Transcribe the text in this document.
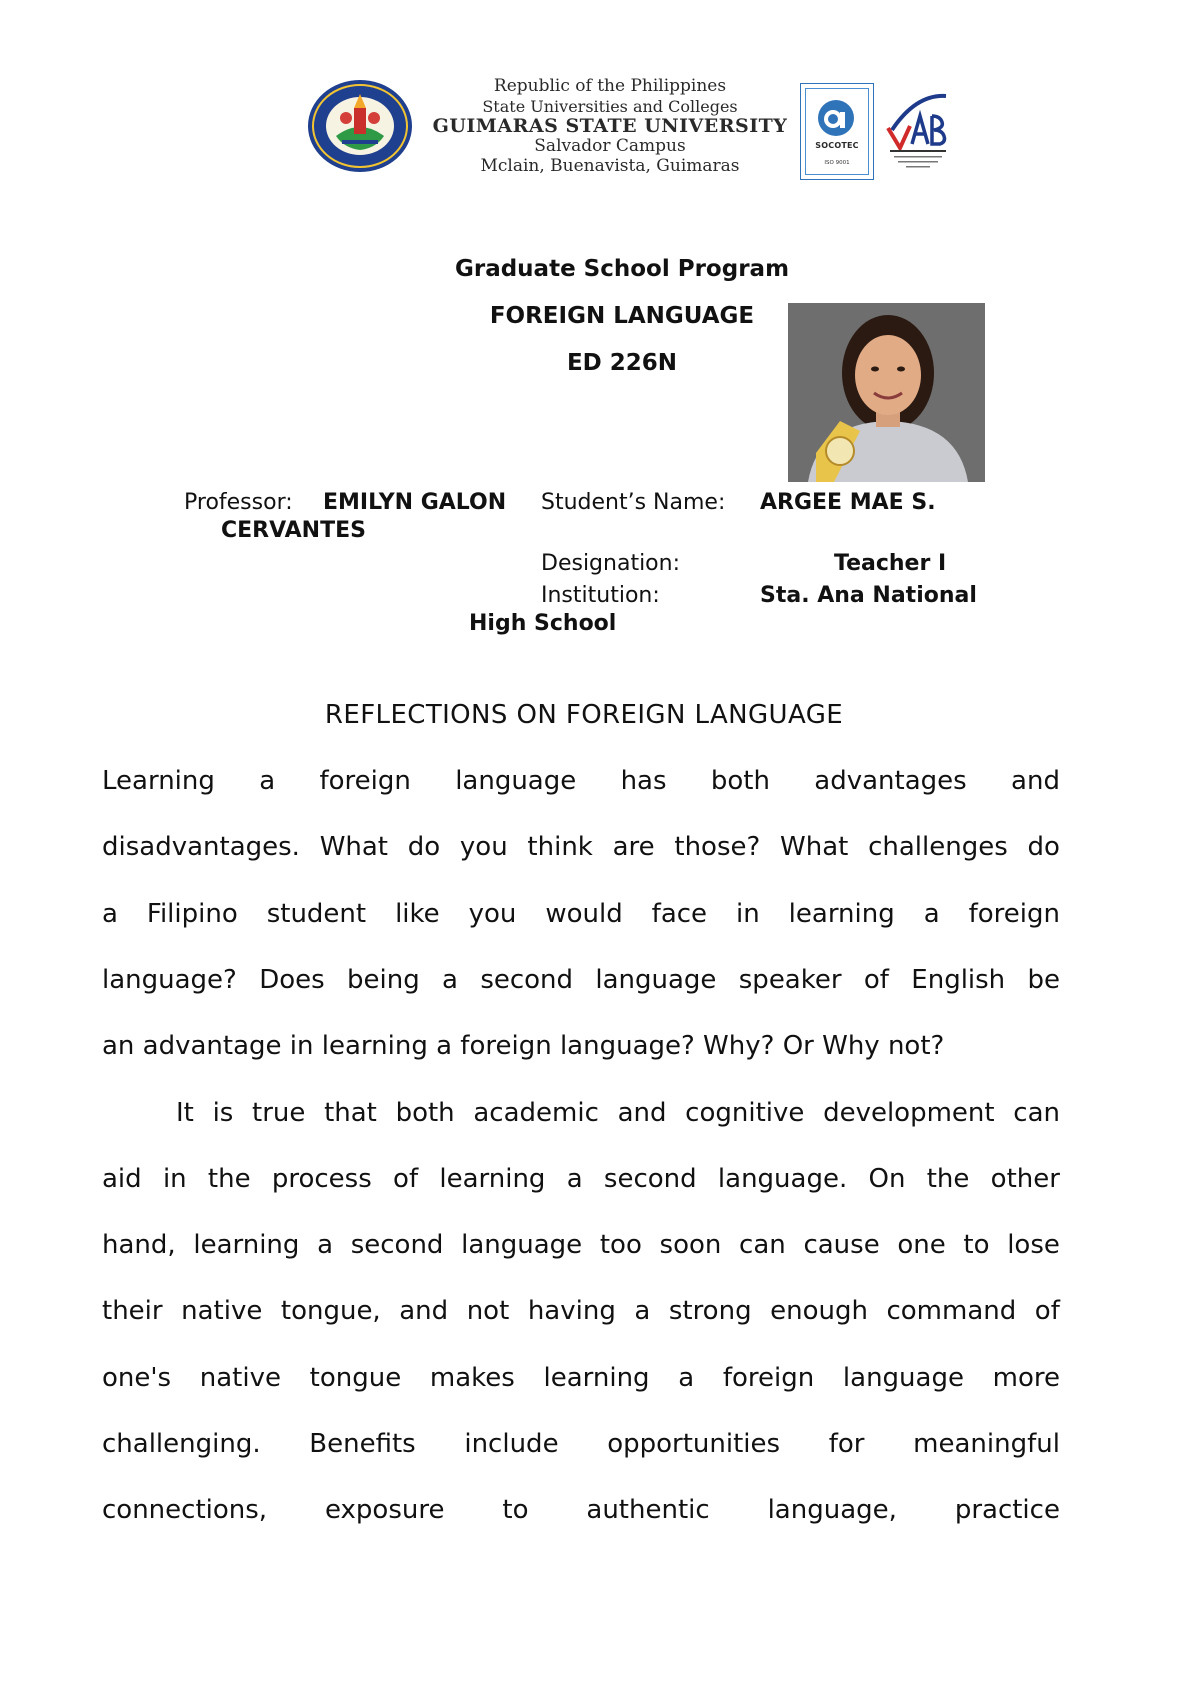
Republic of the Philippines
State Universities and Colleges
GUIMARAS STATE UNIVERSITY
Salvador Campus
Mclain, Buenavista, Guimaras
SOCOTEC
ISO 9001
Graduate School Program
FOREIGN LANGUAGE
ED 226N
Professor: EMILYN GALON Student’s Name: ARGEE MAE S.
CERVANTES
Designation:	Teacher I
Institution:	Sta. Ana National
High School
REFLECTIONS ON FOREIGN LANGUAGE
Learning a foreign language has both advantages and
disadvantages. What do you think are those? What challenges do
a Filipino student like you would face in learning a foreign
language? Does being a second language speaker of English be
an advantage in learning a foreign language? Why? Or Why not?
It is true that both academic and cognitive development can
aid in the process of learning a second language. On the other
hand, learning a second language too soon can cause one to lose
their native tongue, and not having a strong enough command of
one's native tongue makes learning a foreign language more
challenging. Benefits include opportunities for meaningful
connections, exposure to authentic language, practice
